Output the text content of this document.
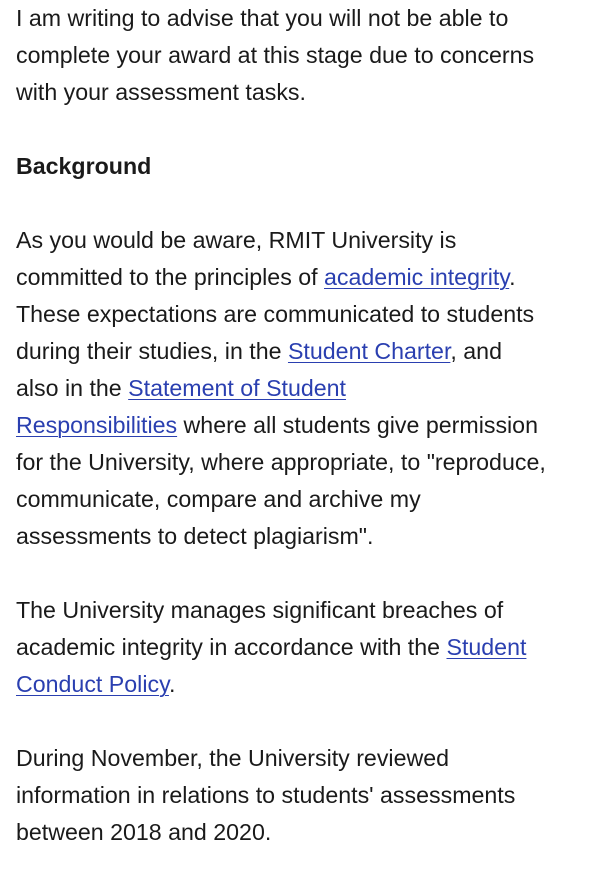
I am writing to advise that you will not be able to
complete your award at this stage due to concerns
with your assessment tasks.

Background

As you would be aware, RMIT University is
committed to the principles of academic integrity.
These expectations are communicated to students
during their studies, in the Student Charter, and
also in the Statement of Student
Responsibilities where all students give permission
for the University, where appropriate, to "reproduce,
communicate, compare and archive my
assessments to detect plagiarism".

The University manages significant breaches of
academic integrity in accordance with the Student
Conduct Policy.

During November, the University reviewed
information in relations to students' assessments
between 2018 and 2020.
